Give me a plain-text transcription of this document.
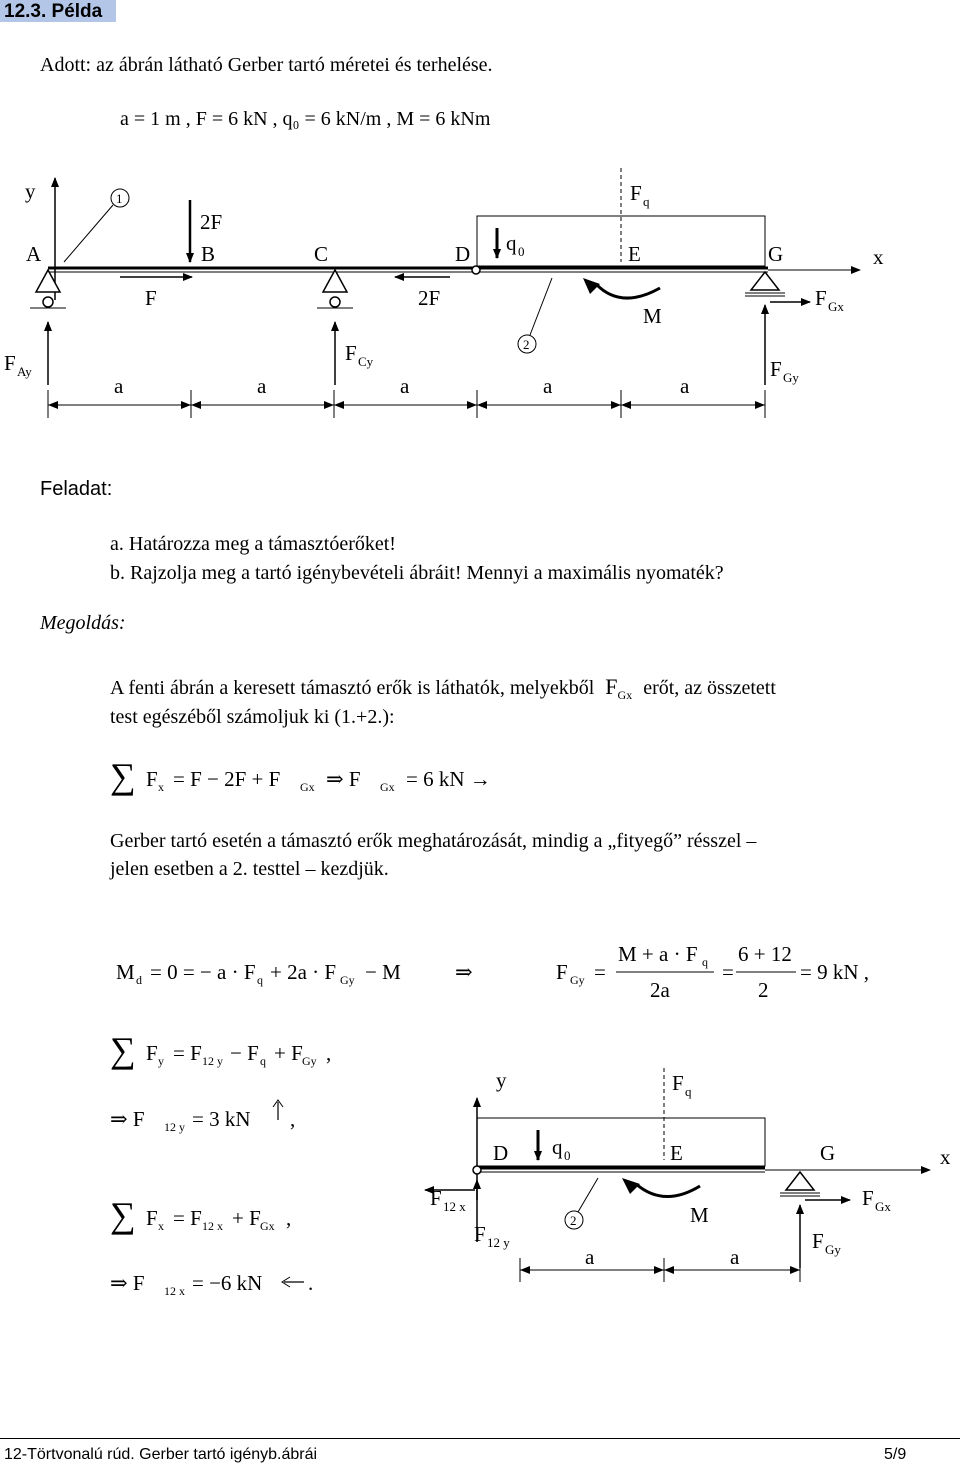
12.3. Példa
Adott: az ábrán látható Gerber tartó méretei és terhelése.
a = 1 m , F = 6 kN , q₀ = 6 kN/m , M = 6 kNm
y
A
2F
B	C	D q 0
F q
E	G	x
F	2F
M
F Gx
F Ay
F Cy	F Gy
a	a	a	a	a
1
2
Feladat:
a. Határozza meg a támasztóerőket!
b. Rajzolja meg a tartó igénybevételi ábráit! Mennyi a maximális nyomaték?
Megoldás:
A fenti ábrán a keresett támasztó erők is láthatók, melyekből $F_{Gx}$ erőt, az összetett
test egészéből számoljuk ki (1.+2.):
∑ F x = F − 2F + F Gx ⇒ F Gx = 6 kN →
Gerber tartó esetén a támasztó erők meghatározását, mindig a „fityegő” résszel –
jelen esetben a 2. testtel – kezdjük.
M d = 0 = − a · F q + 2a · F Gy − M	⇒	F Gy =
M + a · F q
2a
=
6 + 12
2
= 9 kN ,
∑ F y = F 12 y − F q + F Gy ,
⇒ F 12 y = 3 kN ,
∑ F x = F 12 x + F Gx ,
⇒ F 12 x = −6 kN .
y	F q
D q 0	E	G	x
F 12 x
F 12 y
M
F Gx
F Gy
a	a
2
12-Törtvonalú rúd. Gerber tartó igényb.ábrái	5/9
